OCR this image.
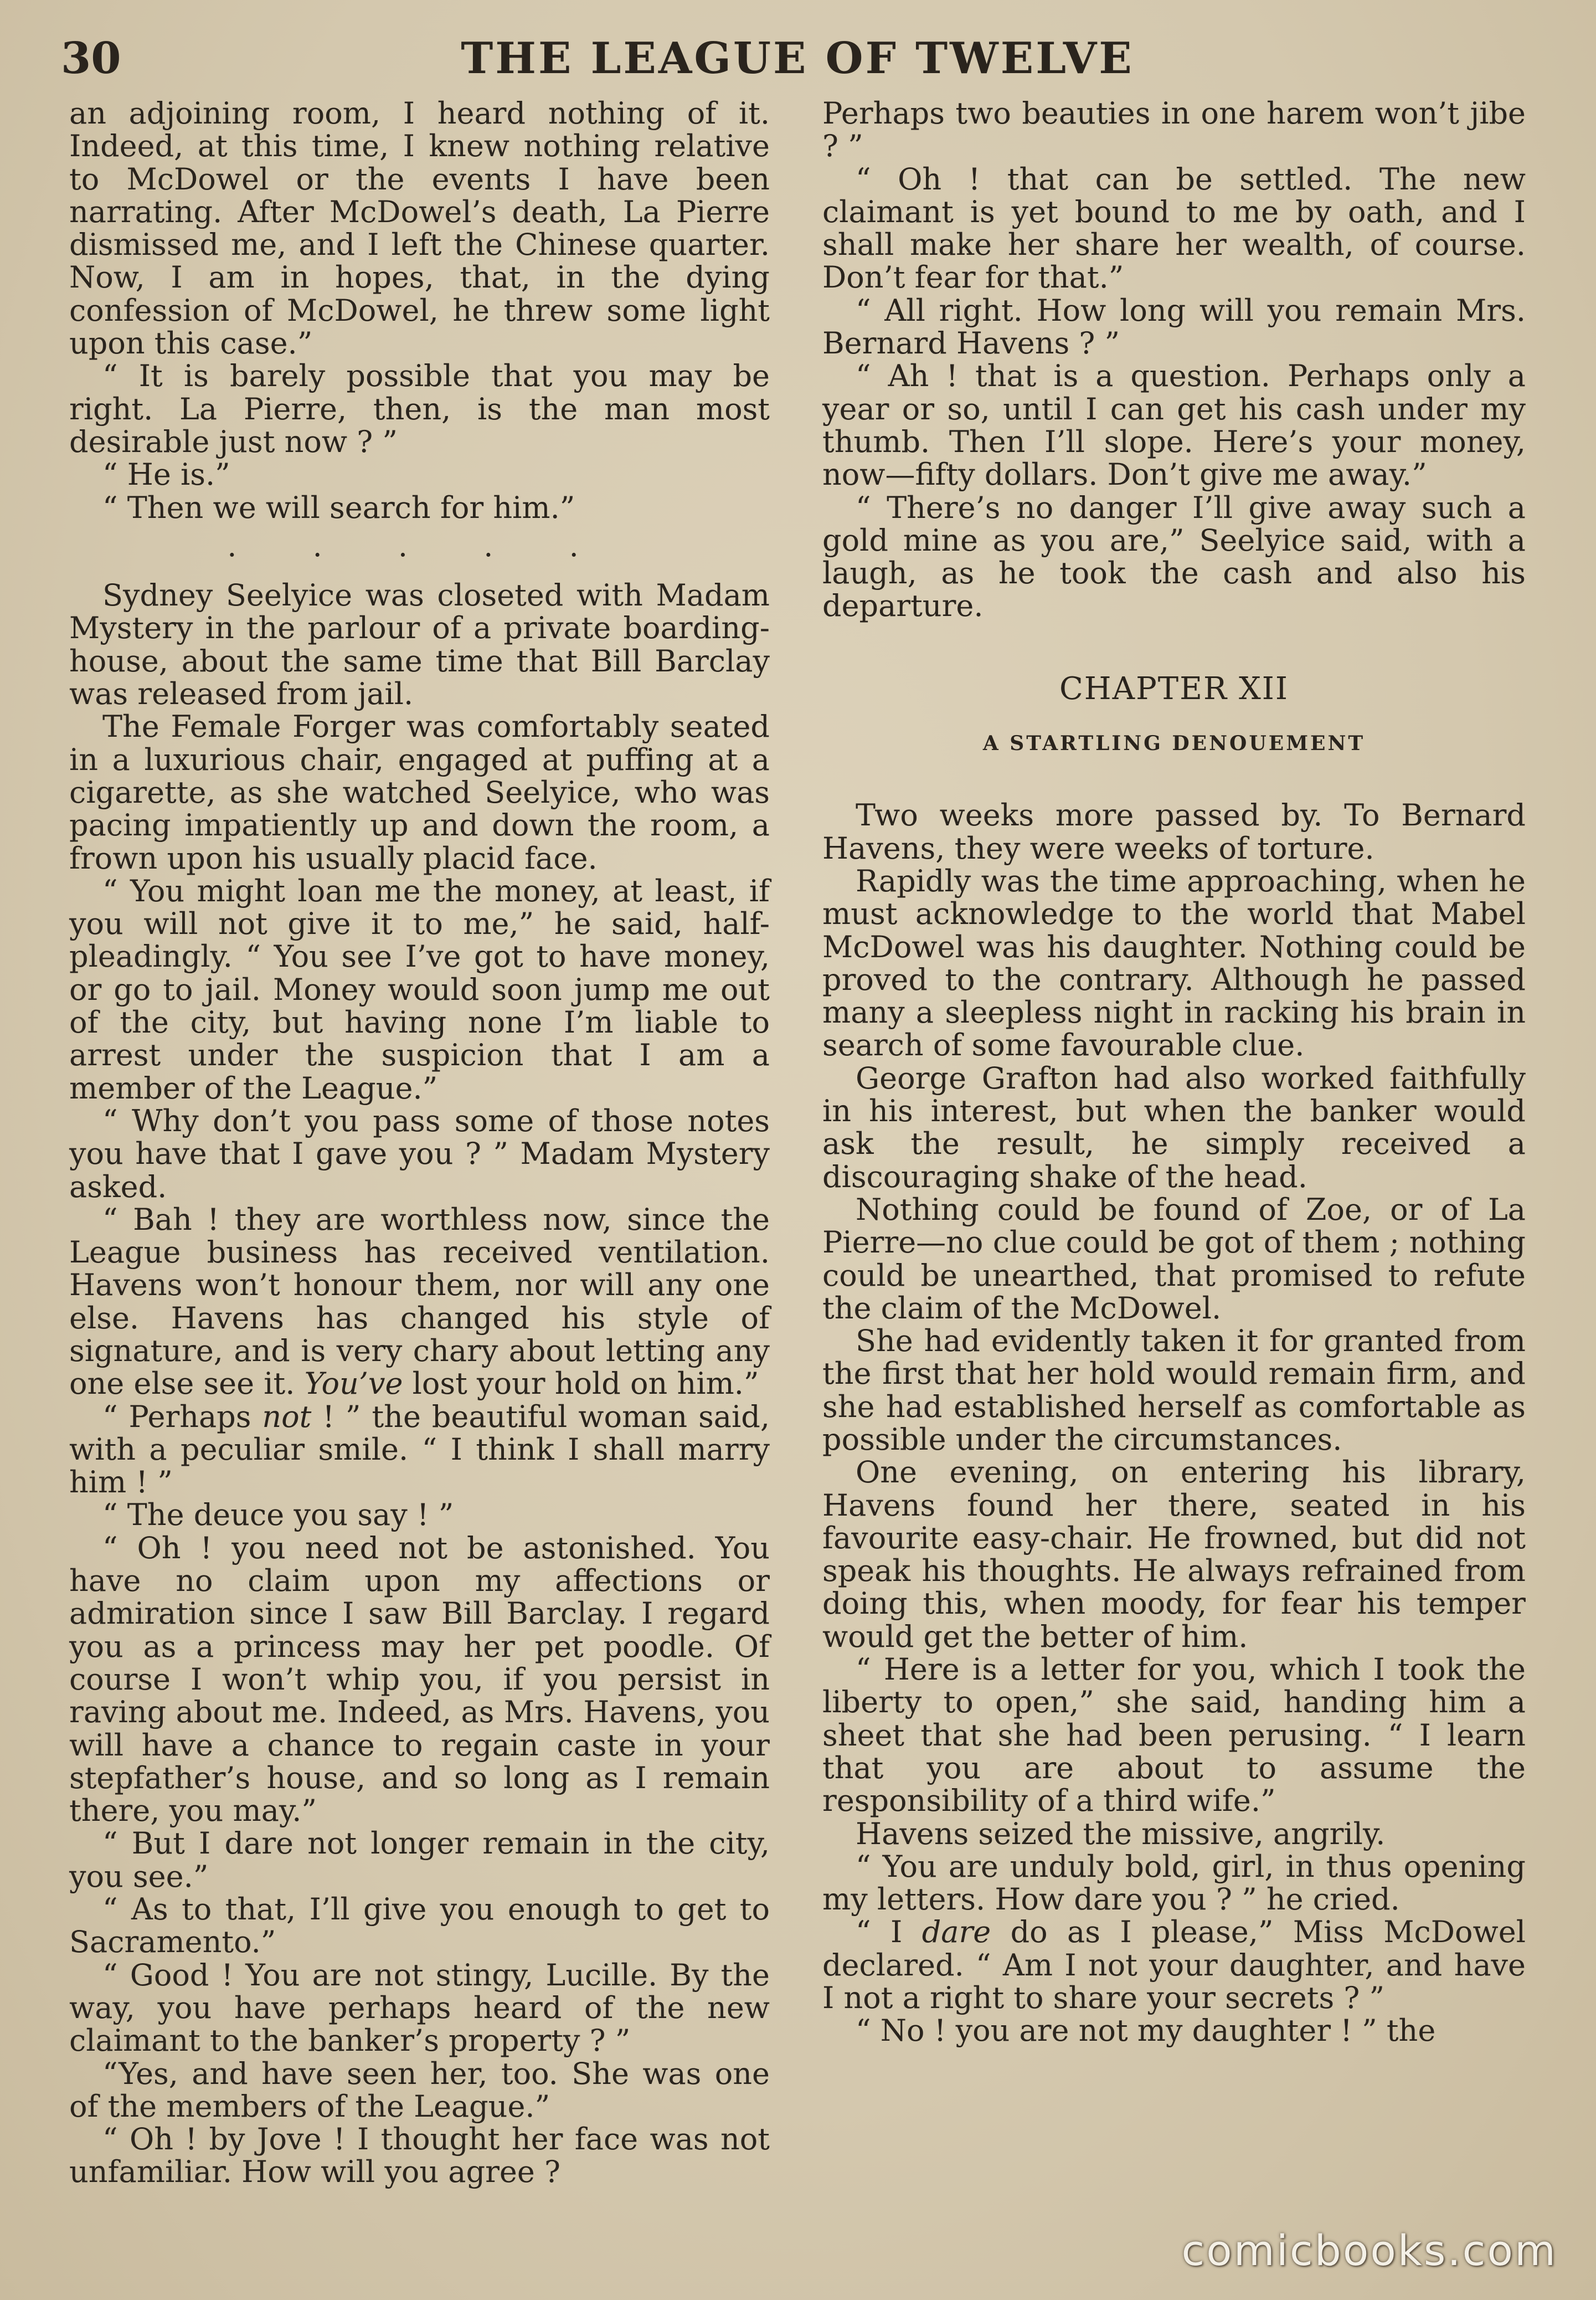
30	THE LEAGUE OF TWELVE

an adjoining room, I heard nothing of it. Indeed, at this time, I knew nothing relative to McDowel or the events I have been narrating. After McDowel’s death, La Pierre dismissed me, and I left the Chinese quarter. Now, I am in hopes, that, in the dying confession of McDowel, he threw some light upon this case.”

“ It is barely possible that you may be right. La Pierre, then, is the man most desirable just now ? ”

“ He is.”

“ Then we will search for him.”

. . . . .

Sydney Seelyice was closeted with Madam Mystery in the parlour of a private boarding-house, about the same time that Bill Barclay was released from jail.

The Female Forger was comfortably seated in a luxurious chair, engaged at puffing at a cigarette, as she watched Seelyice, who was pacing impatiently up and down the room, a frown upon his usually placid face.

“ You might loan me the money, at least, if you will not give it to me,” he said, half-pleadingly. “ You see I’ve got to have money, or go to jail. Money would soon jump me out of the city, but having none I’m liable to arrest under the suspicion that I am a member of the League.”

“ Why don’t you pass some of those notes you have that I gave you ? ” Madam Mystery asked.

“ Bah ! they are worthless now, since the League business has received ventilation. Havens won’t honour them, nor will any one else. Havens has changed his style of signature, and is very chary about letting any one else see it. You’ve lost your hold on him.”

“ Perhaps not ! ” the beautiful woman said, with a peculiar smile. “ I think I shall marry him ! ”

“ The deuce you say ! ”

“ Oh ! you need not be astonished. You have no claim upon my affections or admiration since I saw Bill Barclay. I regard you as a princess may her pet poodle. Of course I won’t whip you, if you persist in raving about me. Indeed, as Mrs. Havens, you will have a chance to regain caste in your stepfather’s house, and so long as I remain there, you may.”

“ But I dare not longer remain in the city, you see.”

“ As to that, I’ll give you enough to get to Sacramento.”

“ Good ! You are not stingy, Lucille. By the way, you have perhaps heard of the new claimant to the banker’s property ? ”

“Yes, and have seen her, too. She was one of the members of the League.”

“ Oh ! by Jove ! I thought her face was not unfamiliar. How will you agree ?

Perhaps two beauties in one harem won’t jibe ? ”

“ Oh ! that can be settled. The new claimant is yet bound to me by oath, and I shall make her share her wealth, of course. Don’t fear for that.”

“ All right. How long will you remain Mrs. Bernard Havens ? ”

“ Ah ! that is a question. Perhaps only a year or so, until I can get his cash under my thumb. Then I’ll slope. Here’s your money, now—fifty dollars. Don’t give me away.”

“ There’s no danger I’ll give away such a gold mine as you are,” Seelyice said, with a laugh, as he took the cash and also his departure.

CHAPTER XII
A STARTLING DENOUEMENT

Two weeks more passed by. To Bernard Havens, they were weeks of torture.

Rapidly was the time approaching, when he must acknowledge to the world that Mabel McDowel was his daughter. Nothing could be proved to the contrary. Although he passed many a sleepless night in racking his brain in search of some favourable clue.

George Grafton had also worked faithfully in his interest, but when the banker would ask the result, he simply received a discouraging shake of the head.

Nothing could be found of Zoe, or of La Pierre—no clue could be got of them ; nothing could be unearthed, that promised to refute the claim of the McDowel.

She had evidently taken it for granted from the first that her hold would remain firm, and she had established herself as comfortable as possible under the circumstances.

One evening, on entering his library, Havens found her there, seated in his favourite easy-chair. He frowned, but did not speak his thoughts. He always refrained from doing this, when moody, for fear his temper would get the better of him.

“ Here is a letter for you, which I took the liberty to open,” she said, handing him a sheet that she had been perusing. “ I learn that you are about to assume the responsibility of a third wife.”

Havens seized the missive, angrily.

“ You are unduly bold, girl, in thus opening my letters. How dare you ? ” he cried.

“ I dare do as I please,” Miss McDowel declared. “ Am I not your daughter, and have I not a right to share your secrets ? ”

“ No ! you are not my daughter ! ” the

comicbooks.com
